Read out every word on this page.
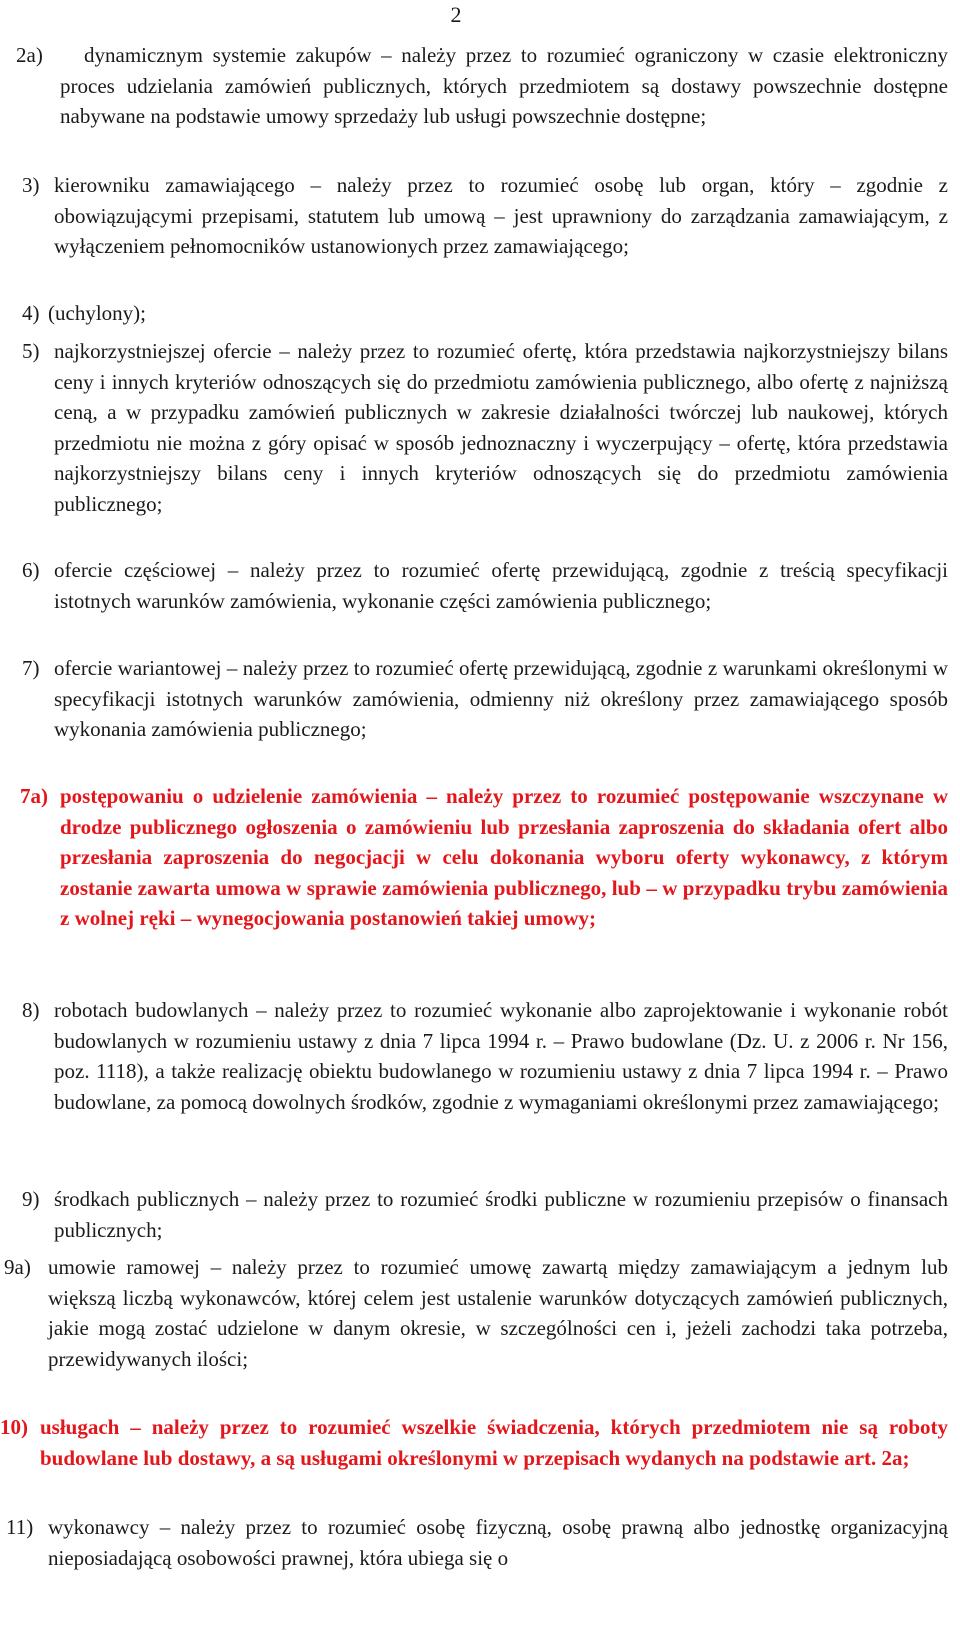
2
2a)	dynamicznym systemie zakupów – należy przez to rozumieć ograniczony w czasie elektroniczny proces udzielania zamówień publicznych, których przedmiotem są dostawy powszechnie dostępne nabywane na podstawie umowy sprzedaży lub usługi powszechnie dostępne;
3) kierowniku zamawiającego – należy przez to rozumieć osobę lub organ, który – zgodnie z obowiązującymi przepisami, statutem lub umową – jest uprawniony do zarządzania zamawiającym, z wyłączeniem pełnomocników ustanowionych przez zamawiającego;
4) (uchylony);
5) najkorzystniejszej ofercie – należy przez to rozumieć ofertę, która przedstawia najkorzystniejszy bilans ceny i innych kryteriów odnoszących się do przedmiotu zamówienia publicznego, albo ofertę z najniższą ceną, a w przypadku zamówień publicznych w zakresie działalności twórczej lub naukowej, których przedmiotu nie można z góry opisać w sposób jednoznaczny i wyczerpujący – ofertę, która przedstawia najkorzystniejszy bilans ceny i innych kryteriów odnoszących się do przedmiotu zamówienia publicznego;
6) ofercie częściowej – należy przez to rozumieć ofertę przewidującą, zgodnie z treścią specyfikacji istotnych warunków zamówienia, wykonanie części zamówienia publicznego;
7) ofercie wariantowej – należy przez to rozumieć ofertę przewidującą, zgodnie z warunkami określonymi w specyfikacji istotnych warunków zamówienia, odmienny niż określony przez zamawiającego sposób wykonania zamówienia publicznego;
7a) postępowaniu o udzielenie zamówienia – należy przez to rozumieć postępowanie wszczynane w drodze publicznego ogłoszenia o zamówieniu lub przesłania zaproszenia do składania ofert albo przesłania zaproszenia do negocjacji w celu dokonania wyboru oferty wykonawcy, z którym zostanie zawarta umowa w sprawie zamówienia publicznego, lub – w przypadku trybu zamówienia z wolnej ręki – wynegocjowania postanowień takiej umowy;
8) robotach budowlanych – należy przez to rozumieć wykonanie albo zaprojektowanie i wykonanie robót budowlanych w rozumieniu ustawy z dnia 7 lipca 1994 r. – Prawo budowlane (Dz. U. z 2006 r. Nr 156, poz. 1118), a także realizację obiektu budowlanego w rozumieniu ustawy z dnia 7 lipca 1994 r. – Prawo budowlane, za pomocą dowolnych środków, zgodnie z wymaganiami określonymi przez zamawiającego;
9) środkach publicznych – należy przez to rozumieć środki publiczne w rozumieniu przepisów o finansach publicznych;
9a) umowie ramowej – należy przez to rozumieć umowę zawartą między zamawiającym a jednym lub większą liczbą wykonawców, której celem jest ustalenie warunków dotyczących zamówień publicznych, jakie mogą zostać udzielone w danym okresie, w szczególności cen i, jeżeli zachodzi taka potrzeba, przewidywanych ilości;
10) usługach – należy przez to rozumieć wszelkie świadczenia, których przedmiotem nie są roboty budowlane lub dostawy, a są usługami określonymi w przepisach wydanych na podstawie art. 2a;
11) wykonawcy – należy przez to rozumieć osobę fizyczną, osobę prawną albo jednostkę organizacyjną nieposiadającą osobowości prawnej, która ubiega się o
